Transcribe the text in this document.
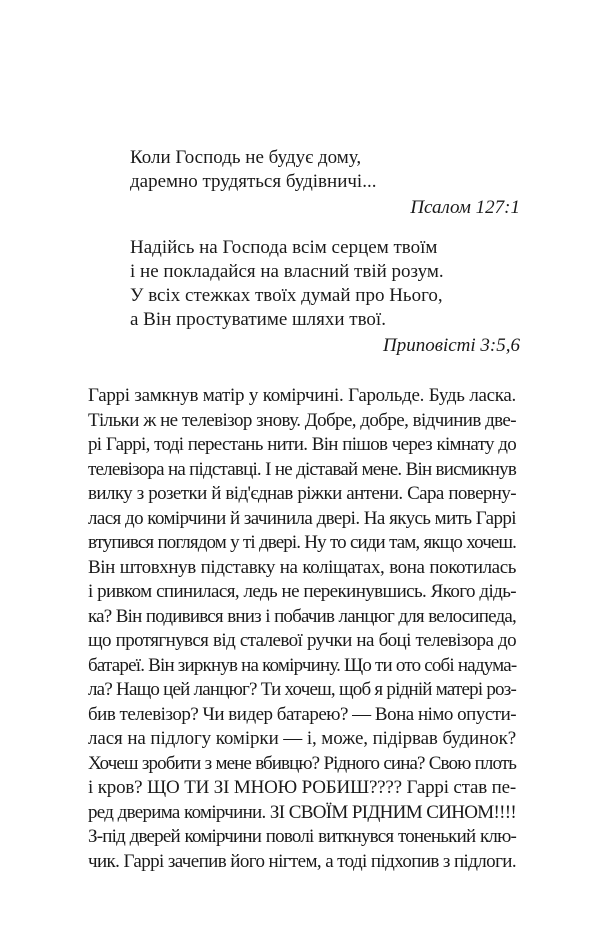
Коли Господь не будує дому,
даремно трудяться будівничі...
Псалом 127:1
Надійсь на Господа всім серцем твоїм
і не покладайся на власний твій розум.
У всіх стежках твоїх думай про Нього,
а Він простуватиме шляхи твої.
Приповісті 3:5,6
Гаррі замкнув матір у комірчині. Гарольде. Будь ласка.
Тільки ж не телевізор знову. Добре, добре, відчинив две-
рі Гаррі, тоді перестань нити. Він пішов через кімнату до
телевізора на підставці. І не діставай мене. Він висмикнув
вилку з розетки й від'єднав ріжки антени. Сара поверну-
лася до комірчини й зачинила двері. На якусь мить Гаррі
втупився поглядом у ті двері. Ну то сиди там, якщо хочеш.
Він штовхнув підставку на коліщатах, вона покотилась
і ривком спинилася, ледь не перекинувшись. Якого дідь-
ка? Він подивився вниз і побачив ланцюг для велосипеда,
що протягнувся від сталевої ручки на боці телевізора до
батареї. Він зиркнув на комірчину. Що ти ото собі надума-
ла? Нащо цей ланцюг? Ти хочеш, щоб я рідній матері роз-
бив телевізор? Чи видер батарею? — Вона німо опусти-
лася на підлогу комірки — і, може, підірвав будинок?
Хочеш зробити з мене вбивцю? Рідного сина? Свою плоть
і кров? ЩО ТИ ЗІ МНОЮ РОБИШ???? Гаррі став пе-
ред дверима комірчини. ЗІ СВОЇМ РІДНИМ СИНОМ!!!!
З-під дверей комірчини поволі виткнувся тоненький клю-
чик. Гаррі зачепив його нігтем, а тоді підхопив з підлоги.
